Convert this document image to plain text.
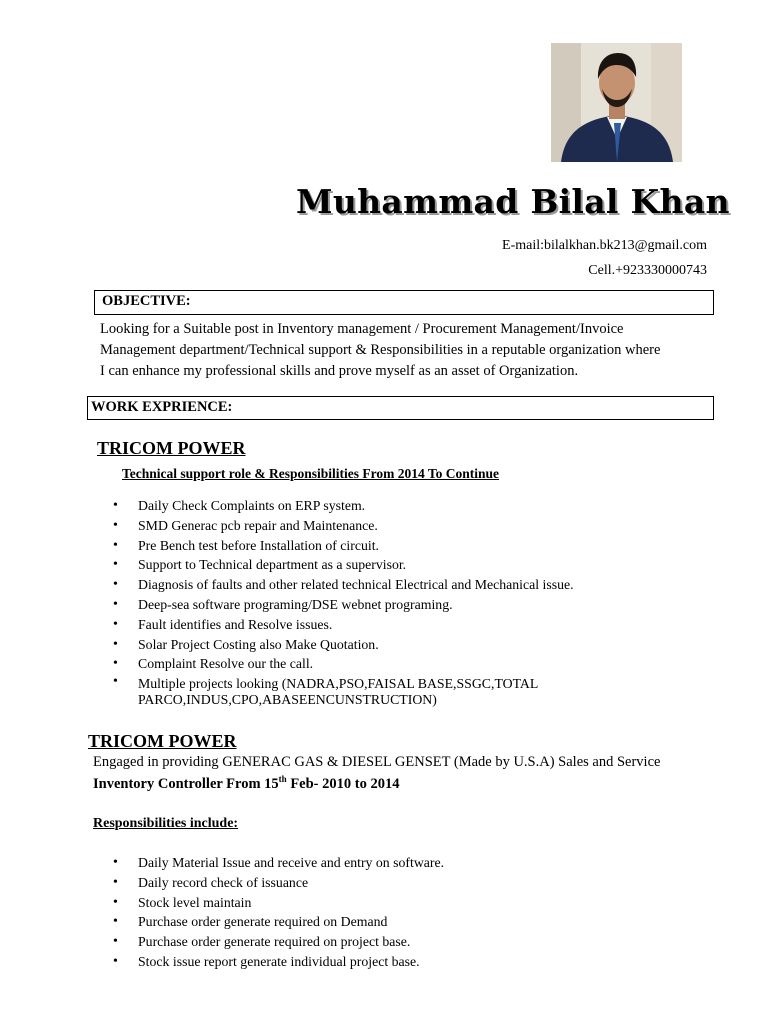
Muhammad Bilal Khan
E-mail:bilalkhan.bk213@gmail.com
Cell.+923330000743
OBJECTIVE:
Looking for a Suitable post in Inventory management / Procurement Management/Invoice
Management department/Technical support & Responsibilities in a reputable organization where
I can enhance my professional skills and prove myself as an asset of Organization.
WORK EXPRIENCE:
TRICOM POWER
Technical support role & Responsibilities From 2014 To Continue
• Daily Check Complaints on ERP system.
• SMD Generac pcb repair and Maintenance.
• Pre Bench test before Installation of circuit.
• Support to Technical department as a supervisor.
• Diagnosis of faults and other related technical Electrical and Mechanical issue.
• Deep-sea software programing/DSE webnet programing.
• Fault identifies and Resolve issues.
• Solar Project Costing also Make Quotation.
• Complaint Resolve our the call.
• Multiple projects looking (NADRA,PSO,FAISAL BASE,SSGC,TOTAL PARCO,INDUS,CPO,ABASEENCUNSTRUCTION)
TRICOM POWER
Engaged in providing GENERAC GAS & DIESEL GENSET (Made by U.S.A) Sales and Service
Inventory Controller From 15th Feb- 2010 to 2014
Responsibilities include:
• Daily Material Issue and receive and entry on software.
• Daily record check of issuance
• Stock level maintain
• Purchase order generate required on Demand
• Purchase order generate required on project base.
• Stock issue report generate individual project base.
